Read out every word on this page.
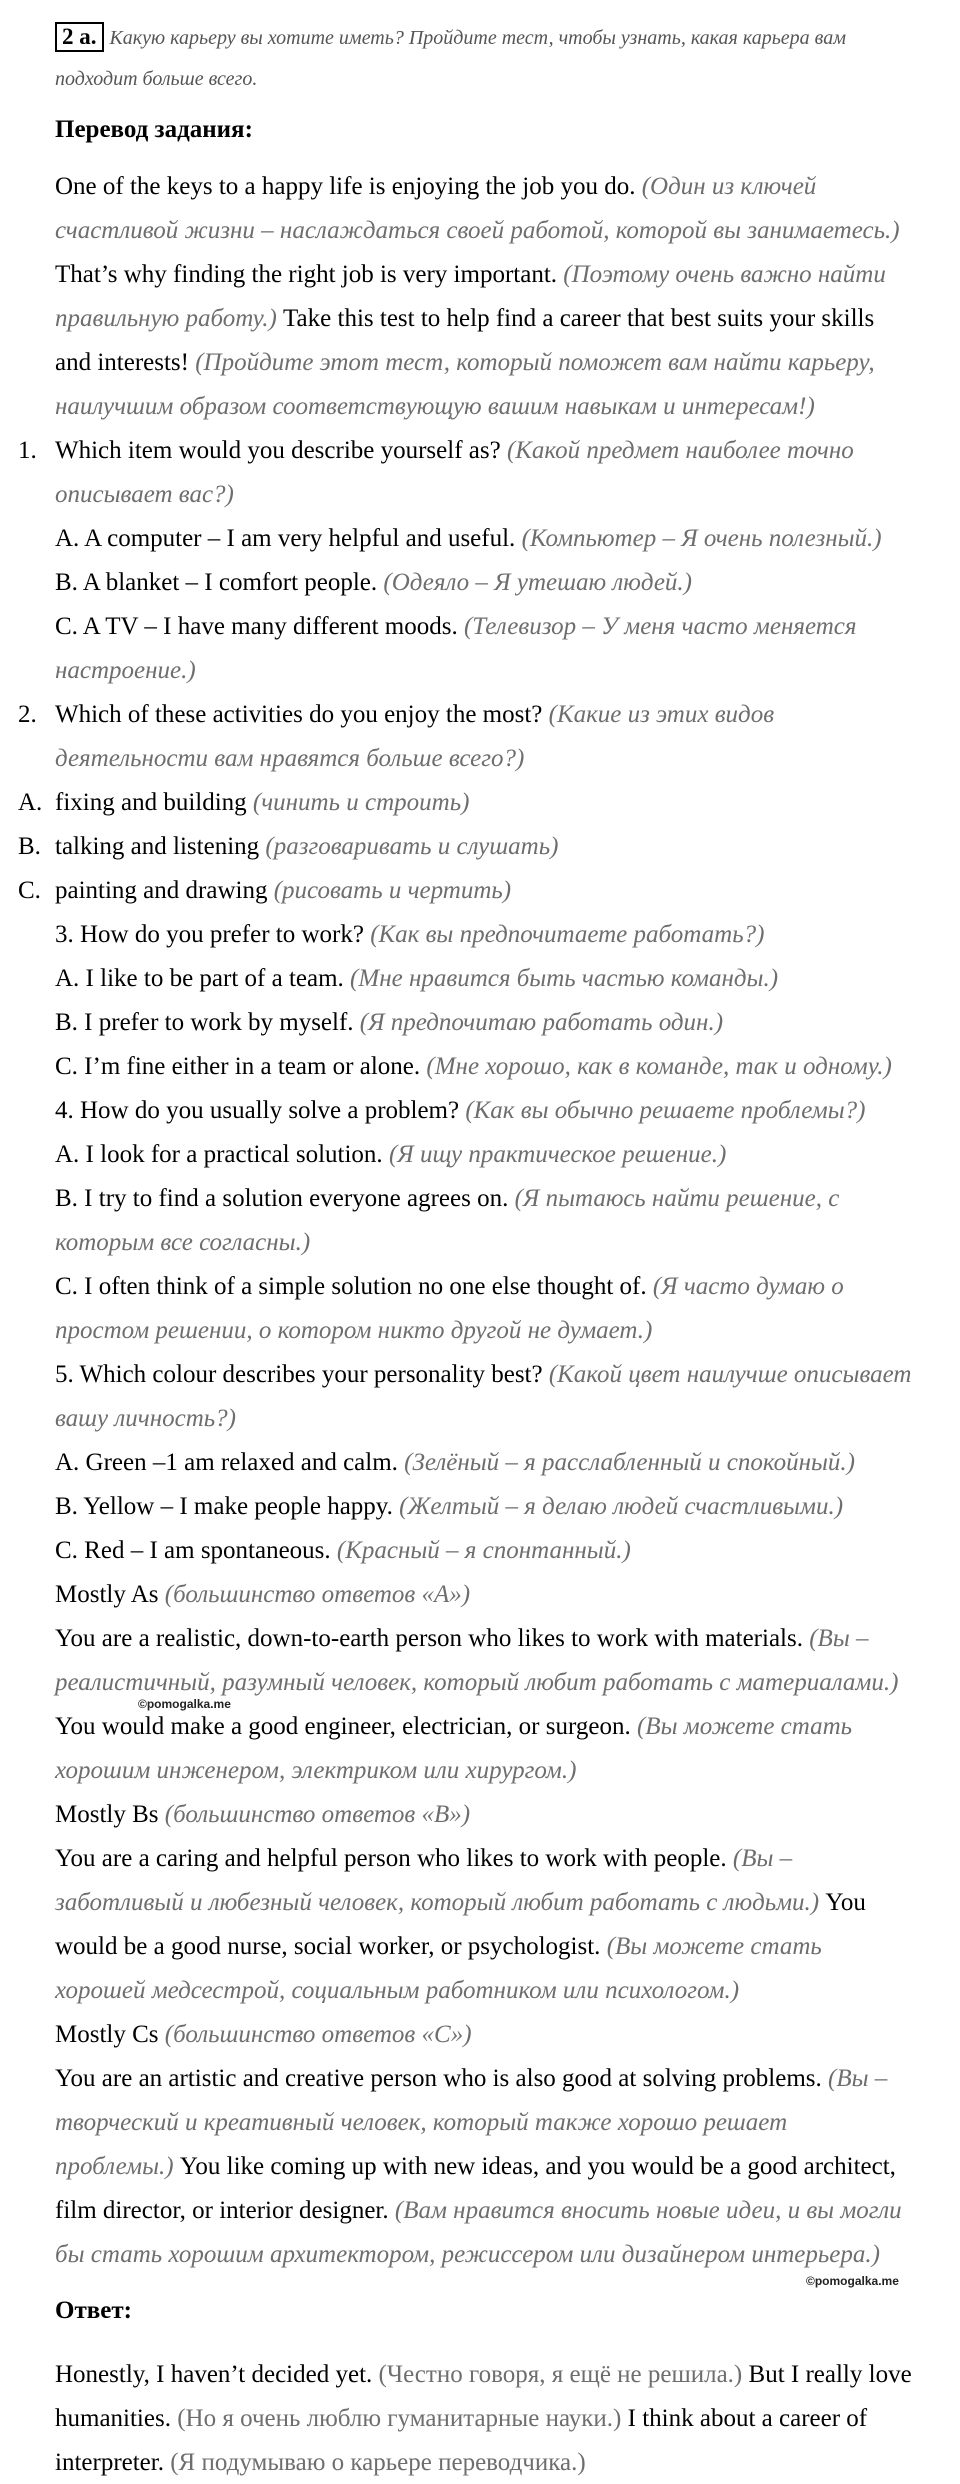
2 a. Какую карьеру вы хотите иметь? Пройдите тест, чтобы узнать, какая карьера вам
подходит больше всего.
Перевод задания:
One of the keys to a happy life is enjoying the job you do. (Один из ключей
счастливой жизни – наслаждаться своей работой, которой вы занимаетесь.)
That’s why finding the right job is very important. (Поэтому очень важно найти
правильную работу.) Take this test to help find a career that best suits your skills
and interests! (Пройдите этот тест, который поможет вам найти карьеру,
наилучшим образом соответствующую вашим навыкам и интересам!)
1. Which item would you describe yourself as? (Какой предмет наиболее точно
описывает вас?)
A. A computer – I am very helpful and useful. (Компьютер – Я очень полезный.)
B. A blanket – I comfort people. (Одеяло – Я утешаю людей.)
C. A TV – I have many different moods. (Телевизор – У меня часто меняется
настроение.)
2. Which of these activities do you enjoy the most? (Какие из этих видов
деятельности вам нравятся больше всего?)
A. fixing and building (чинить и строить)
B. talking and listening (разговаривать и слушать)
C. painting and drawing (рисовать и чертить)
3. How do you prefer to work? (Как вы предпочитаете работать?)
A. I like to be part of a team. (Мне нравится быть частью команды.)
B. I prefer to work by myself. (Я предпочитаю работать один.)
C. I’m fine either in a team or alone. (Мне хорошо, как в команде, так и одному.)
4. How do you usually solve a problem? (Как вы обычно решаете проблемы?)
A. I look for a practical solution. (Я ищу практическое решение.)
B. I try to find a solution everyone agrees on. (Я пытаюсь найти решение, с
которым все согласны.)
C. I often think of a simple solution no one else thought of. (Я часто думаю о
простом решении, о котором никто другой не думает.)
5. Which colour describes your personality best? (Какой цвет наилучше описывает
вашу личность?)
A. Green –1 am relaxed and calm. (Зелёный – я расслабленный и спокойный.)
B. Yellow – I make people happy. (Желтый – я делаю людей счастливыми.)
C. Red – I am spontaneous. (Красный – я спонтанный.)
Mostly As (большинство ответов «А»)
You are a realistic, down-to-earth person who likes to work with materials. (Вы –
реалистичный, разумный человек, который любит работать с материалами.)
©pomogalka.me
You would make a good engineer, electrician, or surgeon. (Вы можете стать
хорошим инженером, электриком или хирургом.)
Mostly Bs (большинство ответов «В»)
You are a caring and helpful person who likes to work with people. (Вы –
заботливый и любезный человек, который любит работать с людьми.) You
would be a good nurse, social worker, or psychologist. (Вы можете стать
хорошей медсестрой, социальным работником или психологом.)
Mostly Cs (большинство ответов «С»)
You are an artistic and creative person who is also good at solving problems. (Вы –
творческий и креативный человек, который также хорошо решает
проблемы.) You like coming up with new ideas, and you would be a good architect,
film director, or interior designer. (Вам нравится вносить новые идеи, и вы могли
бы стать хорошим архитектором, режиссером или дизайнером интерьера.)
©pomogalka.me
Ответ:
Honestly, I haven’t decided yet. (Честно говоря, я ещё не решила.) But I really love
humanities. (Но я очень люблю гуманитарные науки.) I think about a career of
interpreter. (Я подумываю о карьере переводчика.)
